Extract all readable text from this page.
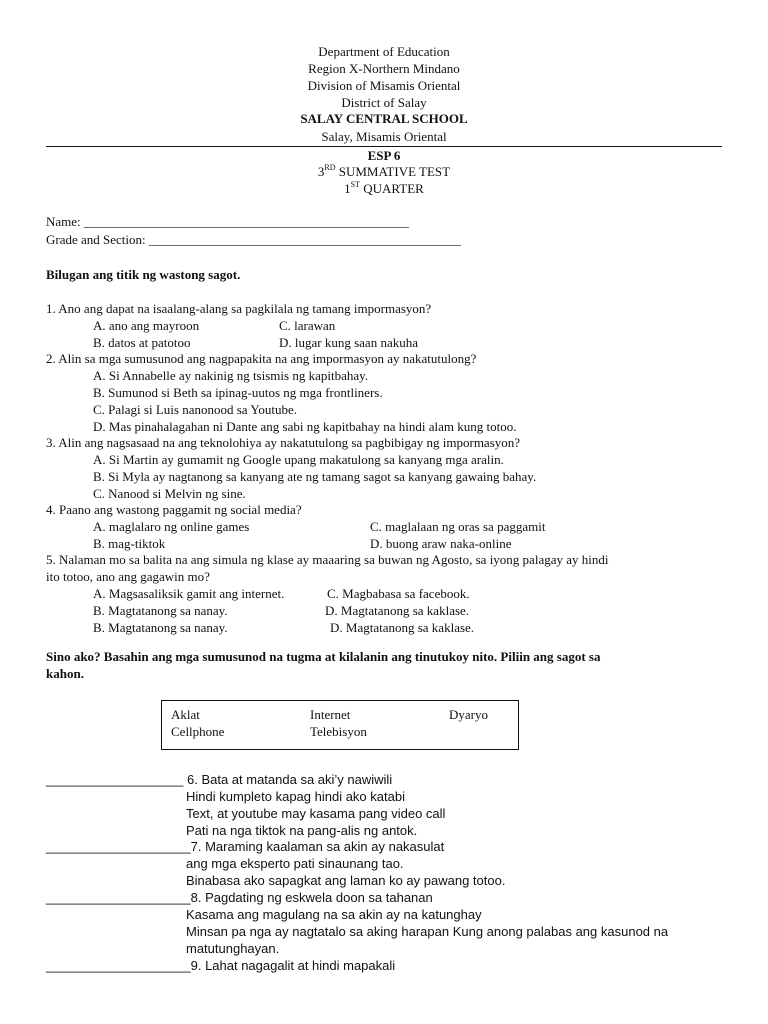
Department of Education
Region X-Northern Mindano
Division of Misamis Oriental
District of Salay
SALAY CENTRAL SCHOOL
Salay, Misamis Oriental
ESP 6
3RD SUMMATIVE TEST
1ST QUARTER
Name: __________________________________________________
Grade and Section: ________________________________________________
Bilugan ang titik ng wastong sagot.
1. Ano ang dapat na isaalang-alang sa pagkilala ng tamang impormasyon?
A. ano ang mayroon	C. larawan
B. datos at patotoo	D. lugar kung saan nakuha
2. Alin sa mga sumusunod ang nagpapakita na ang impormasyon ay nakatutulong?
A. Si Annabelle ay nakinig ng tsismis ng kapitbahay.
B. Sumunod si Beth sa ipinag-uutos ng mga frontliners.
C. Palagi si Luis nanonood sa Youtube.
D. Mas pinahalagahan ni Dante ang sabi ng kapitbahay na hindi alam kung totoo.
3. Alin ang nagsasaad na ang teknolohiya ay nakatutulong sa pagbibigay ng impormasyon?
A. Si Martin ay gumamit ng Google upang makatulong sa kanyang mga aralin.
B. Si Myla ay nagtanong sa kanyang ate ng tamang sagot sa kanyang gawaing bahay.
C. Nanood si Melvin ng sine.
4. Paano ang wastong paggamit ng social media?
A. maglalaro ng online games	C. maglalaan ng oras sa paggamit
B. mag-tiktok	D. buong araw naka-online
5. Nalaman mo sa balita na ang simula ng klase ay maaaring sa buwan ng Agosto, sa iyong palagay ay hindi
ito totoo, ano ang gagawin mo?
A. Magsasaliksik gamit ang internet.	C. Magbabasa sa facebook.
B. Magtatanong sa nanay.	D. Magtatanong sa kaklase.
B. Magtatanong sa nanay.	D. Magtatanong sa kaklase.
Sino ako? Basahin ang mga sumusunod na tugma at kilalanin ang tinutukoy nito. Piliin ang sagot sa
kahon.
Aklat	Internet	Dyaryo
Cellphone	Telebisyon
___________________ 6. Bata at matanda sa aki’y nawiwili
Hindi kumpleto kapag hindi ako katabi
Text, at youtube may kasama pang video call
Pati na nga tiktok na pang-alis ng antok.
____________________7. Maraming kaalaman sa akin ay nakasulat
ang mga eksperto pati sinaunang tao.
Binabasa ako sapagkat ang laman ko ay pawang totoo.
____________________8. Pagdating ng eskwela doon sa tahanan
Kasama ang magulang na sa akin ay na katunghay
Minsan pa nga ay nagtatalo sa aking harapan Kung anong palabas ang kasunod na
matutunghayan.
____________________9. Lahat nagagalit at hindi mapakali
